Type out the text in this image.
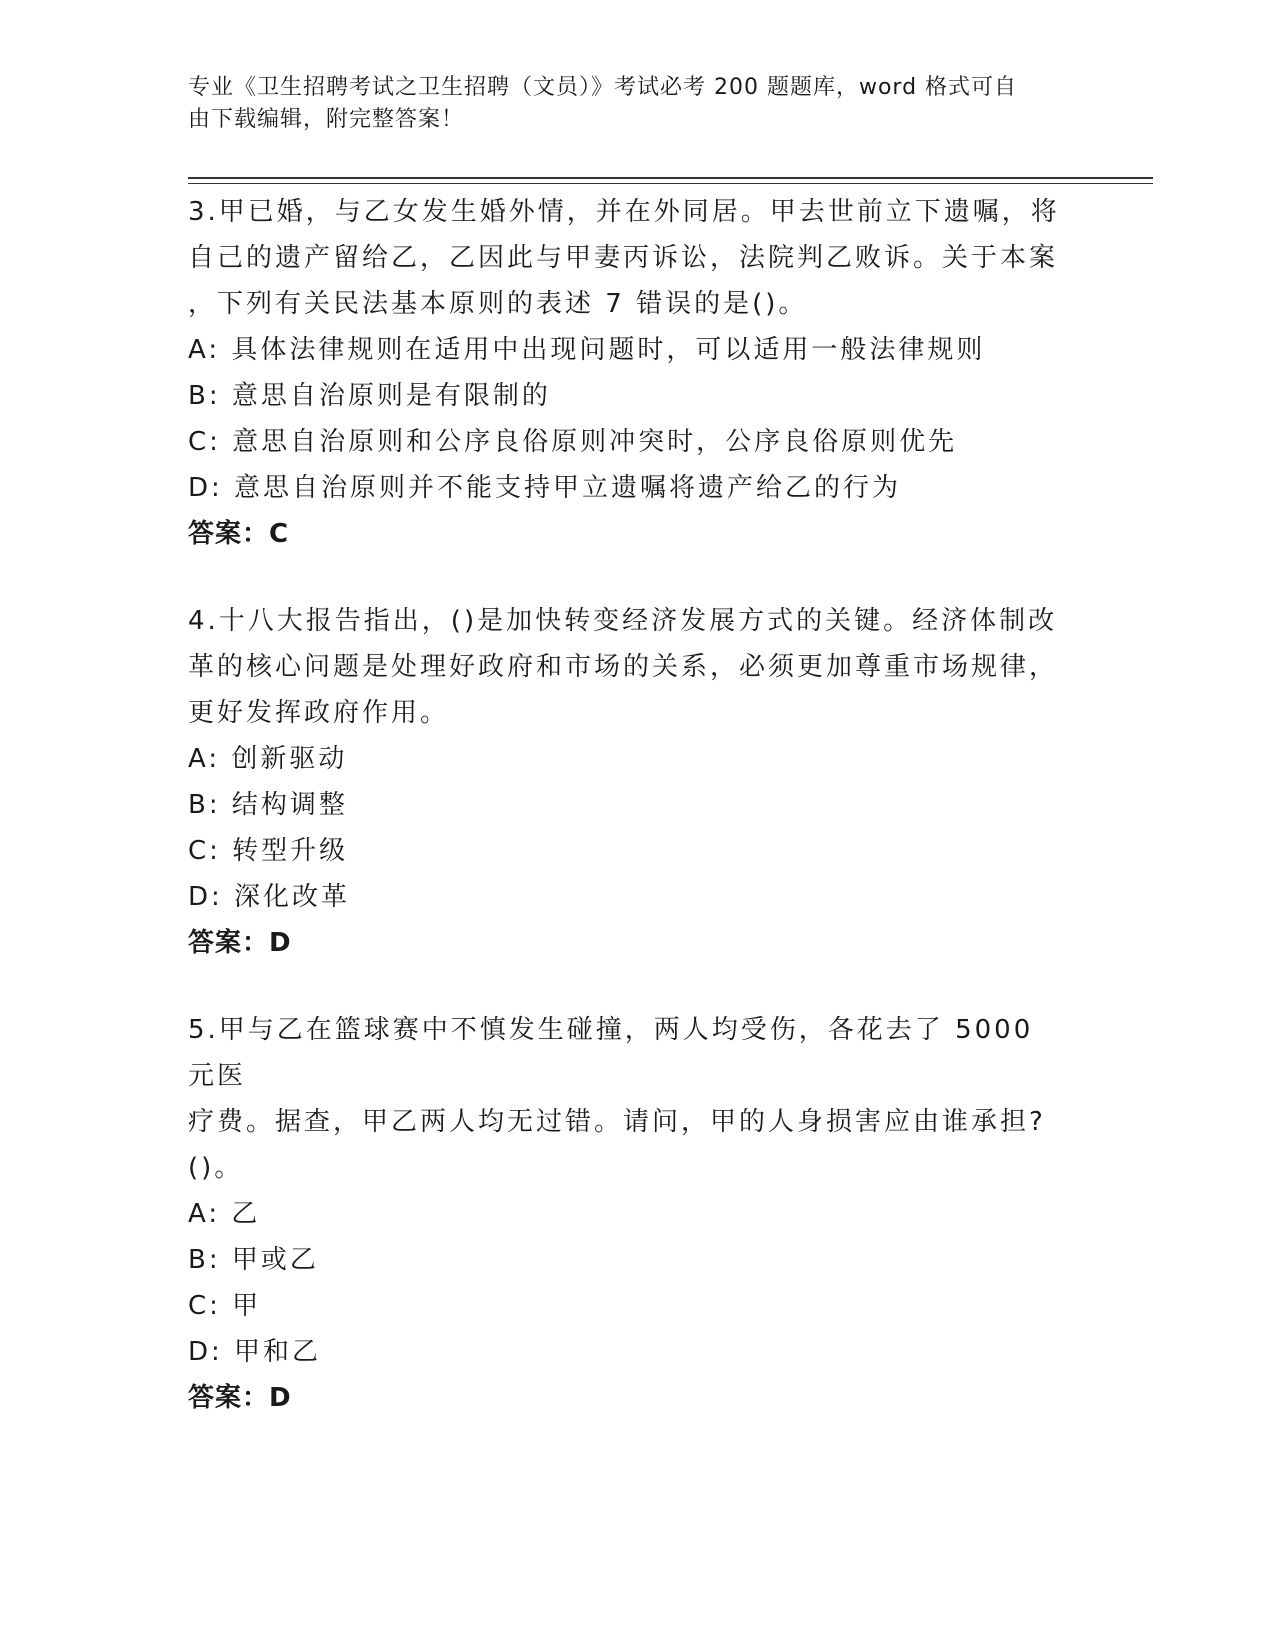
专业《卫生招聘考试之卫生招聘（文员）》考试必考 200 题题库，word 格式可自
由下载编辑，附完整答案！

3.甲已婚，与乙女发生婚外情，并在外同居。甲去世前立下遗嘱，将

自己的遗产留给乙，乙因此与甲妻丙诉讼，法院判乙败诉。关于本案

，下列有关民法基本原则的表述 7 错误的是()。

A: 具体法律规则在适用中出现问题时，可以适用一般法律规则

B: 意思自治原则是有限制的

C: 意思自治原则和公序良俗原则冲突时，公序良俗原则优先

D: 意思自治原则并不能支持甲立遗嘱将遗产给乙的行为

答案：C

4.十八大报告指出，()是加快转变经济发展方式的关键。经济体制改

革的核心问题是处理好政府和市场的关系，必须更加尊重市场规律，

更好发挥政府作用。

A: 创新驱动

B: 结构调整

C: 转型升级

D: 深化改革

答案：D

5.甲与乙在篮球赛中不慎发生碰撞，两人均受伤，各花去了 5000 元医

疗费。据查，甲乙两人均无过错。请问，甲的人身损害应由谁承担?

()。

A: 乙

B: 甲或乙

C: 甲

D: 甲和乙

答案：D
